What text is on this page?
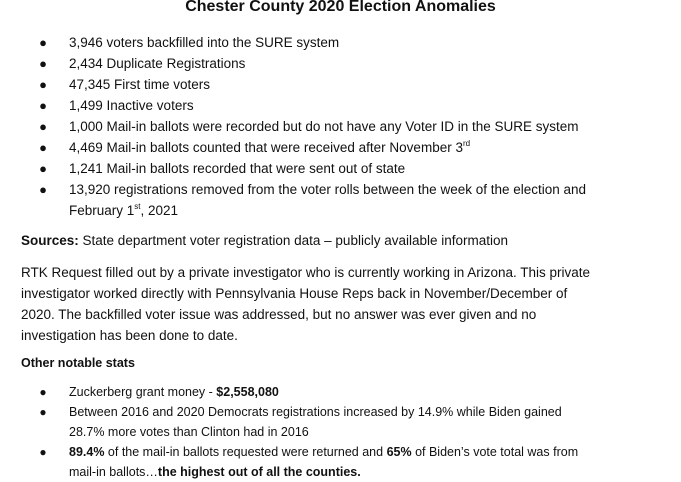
Chester County 2020 Election Anomalies
● 3,946 voters backfilled into the SURE system
● 2,434 Duplicate Registrations
● 47,345 First time voters
● 1,499 Inactive voters
● 1,000 Mail-in ballots were recorded but do not have any Voter ID in the SURE system
● 4,469 Mail-in ballots counted that were received after November 3rd
● 1,241 Mail-in ballots recorded that were sent out of state
● 13,920 registrations removed from the voter rolls between the week of the election and
February 1st, 2021
Sources: State department voter registration data – publicly available information
RTK Request filled out by a private investigator who is currently working in Arizona. This private
investigator worked directly with Pennsylvania House Reps back in November/December of
2020. The backfilled voter issue was addressed, but no answer was ever given and no
investigation has been done to date.
Other notable stats
● Zuckerberg grant money - $2,558,080
● Between 2016 and 2020 Democrats registrations increased by 14.9% while Biden gained
28.7% more votes than Clinton had in 2016
● 89.4% of the mail-in ballots requested were returned and 65% of Biden’s vote total was from
mail-in ballots…the highest out of all the counties.
